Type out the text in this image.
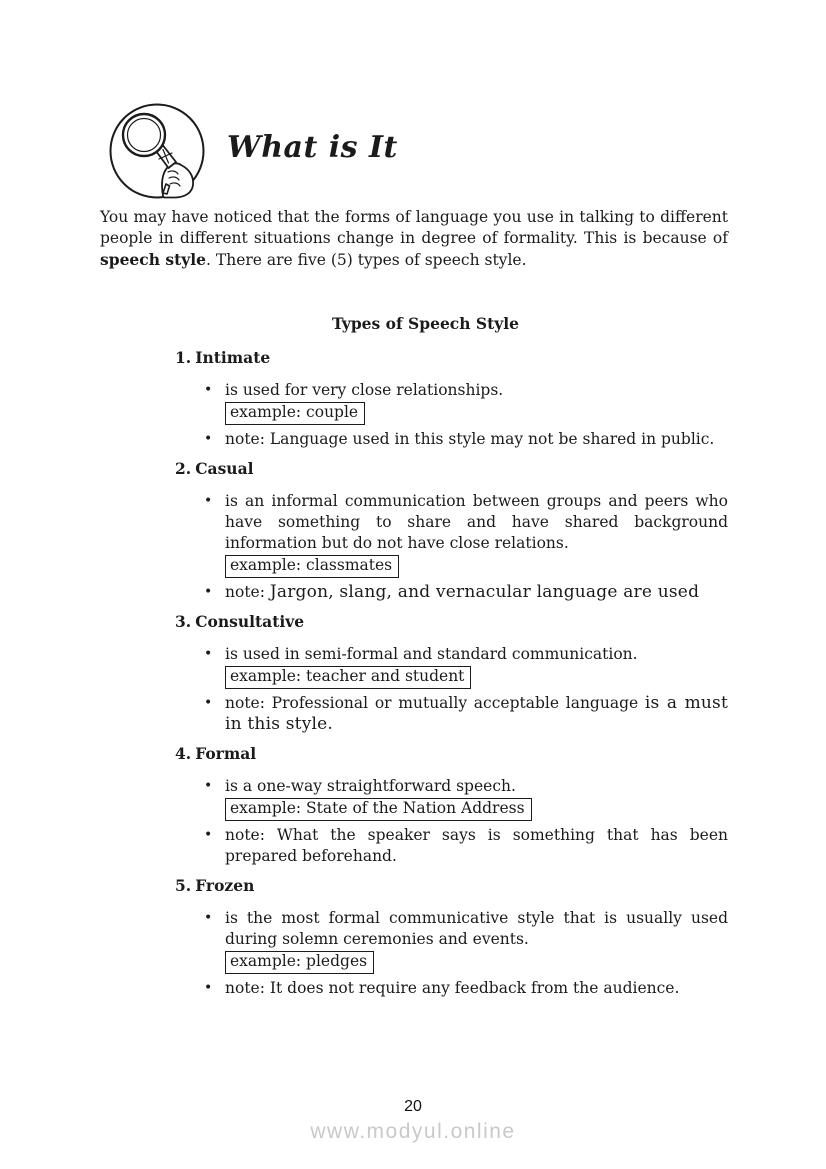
What is It

You may have noticed that the forms of language you use in talking to different people in different situations change in degree of formality. This is because of speech style. There are five (5) types of speech style.

Types of Speech Style
1. Intimate
• is used for very close relationships.
example: couple
• note: Language used in this style may not be shared in public.
2. Casual
• is an informal communication between groups and peers who have something to share and have shared background information but do not have close relations.
example: classmates
• note: Jargon, slang, and vernacular language are used
3. Consultative
• is used in semi-formal and standard communication.
example: teacher and student
• note: Professional or mutually acceptable language is a must in this style.
4. Formal
• is a one-way straightforward speech.
example: State of the Nation Address
• note: What the speaker says is something that has been prepared beforehand.
5. Frozen
• is the most formal communicative style that is usually used during solemn ceremonies and events.
example: pledges
• note: It does not require any feedback from the audience.
20
www.modyul.online
